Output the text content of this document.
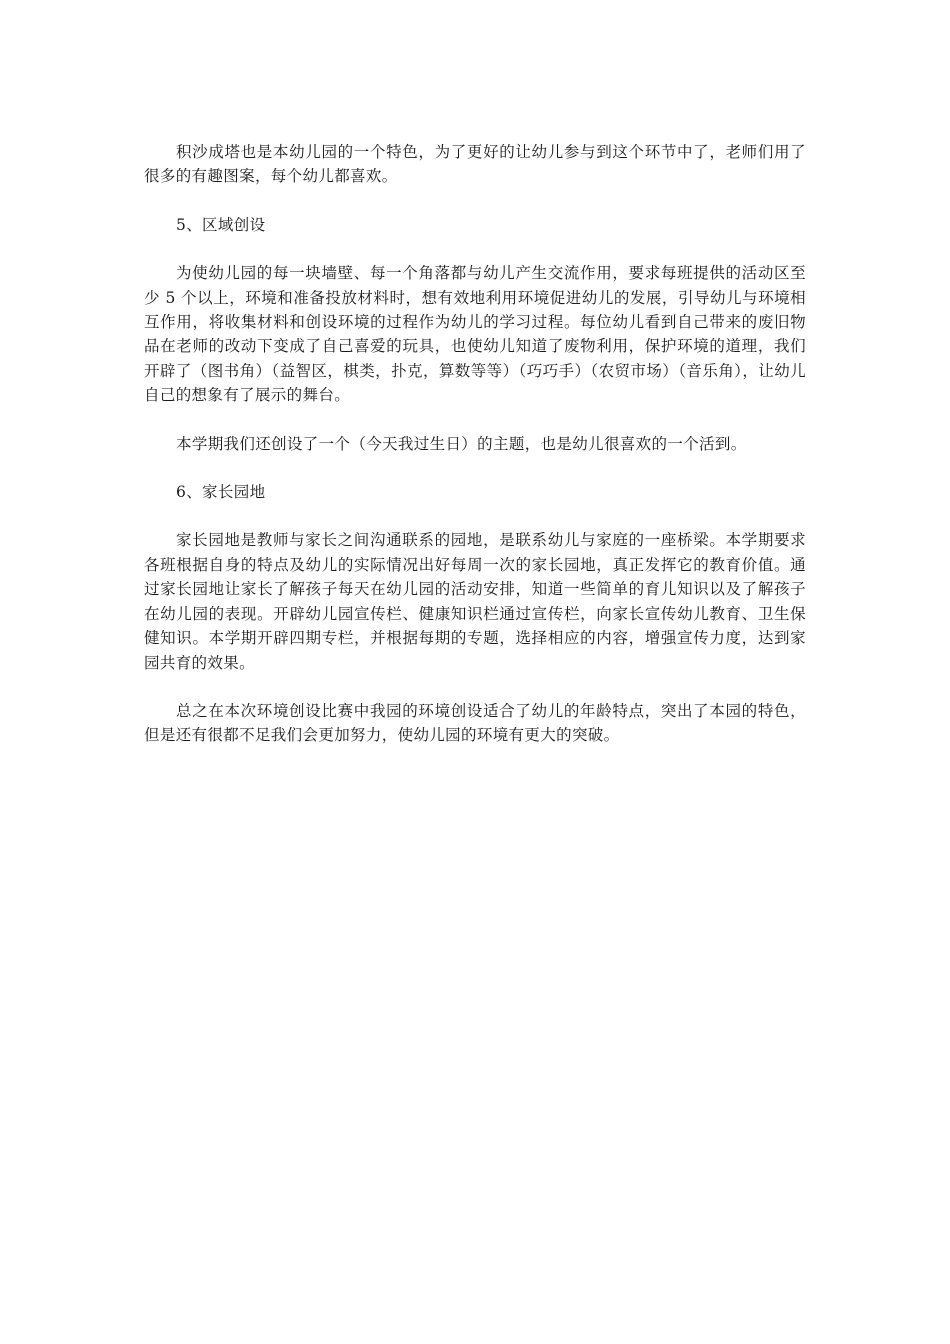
积沙成塔也是本幼儿园的一个特色，为了更好的让幼儿参与到这个环节中了，老师们用了很多的有趣图案，每个幼儿都喜欢。

5、区域创设

为使幼儿园的每一块墙壁、每一个角落都与幼儿产生交流作用，要求每班提供的活动区至少 5 个以上，环境和准备投放材料时，想有效地利用环境促进幼儿的发展，引导幼儿与环境相互作用，将收集材料和创设环境的过程作为幼儿的学习过程。每位幼儿看到自己带来的废旧物品在老师的改动下变成了自己喜爱的玩具，也使幼儿知道了废物利用，保护环境的道理，我们开辟了（图书角）（益智区，棋类，扑克，算数等等）（巧巧手）（农贸市场）（音乐角），让幼儿自己的想象有了展示的舞台。

本学期我们还创设了一个（今天我过生日）的主题，也是幼儿很喜欢的一个活到。

6、家长园地

家长园地是教师与家长之间沟通联系的园地，是联系幼儿与家庭的一座桥梁。本学期要求各班根据自身的特点及幼儿的实际情况出好每周一次的家长园地，真正发挥它的教育价值。通过家长园地让家长了解孩子每天在幼儿园的活动安排，知道一些简单的育儿知识以及了解孩子在幼儿园的表现。开辟幼儿园宣传栏、健康知识栏通过宣传栏，向家长宣传幼儿教育、卫生保健知识。本学期开辟四期专栏，并根据每期的专题，选择相应的内容，增强宣传力度，达到家园共育的效果。

总之在本次环境创设比赛中我园的环境创设适合了幼儿的年龄特点，突出了本园的特色，但是还有很都不足我们会更加努力，使幼儿园的环境有更大的突破。
